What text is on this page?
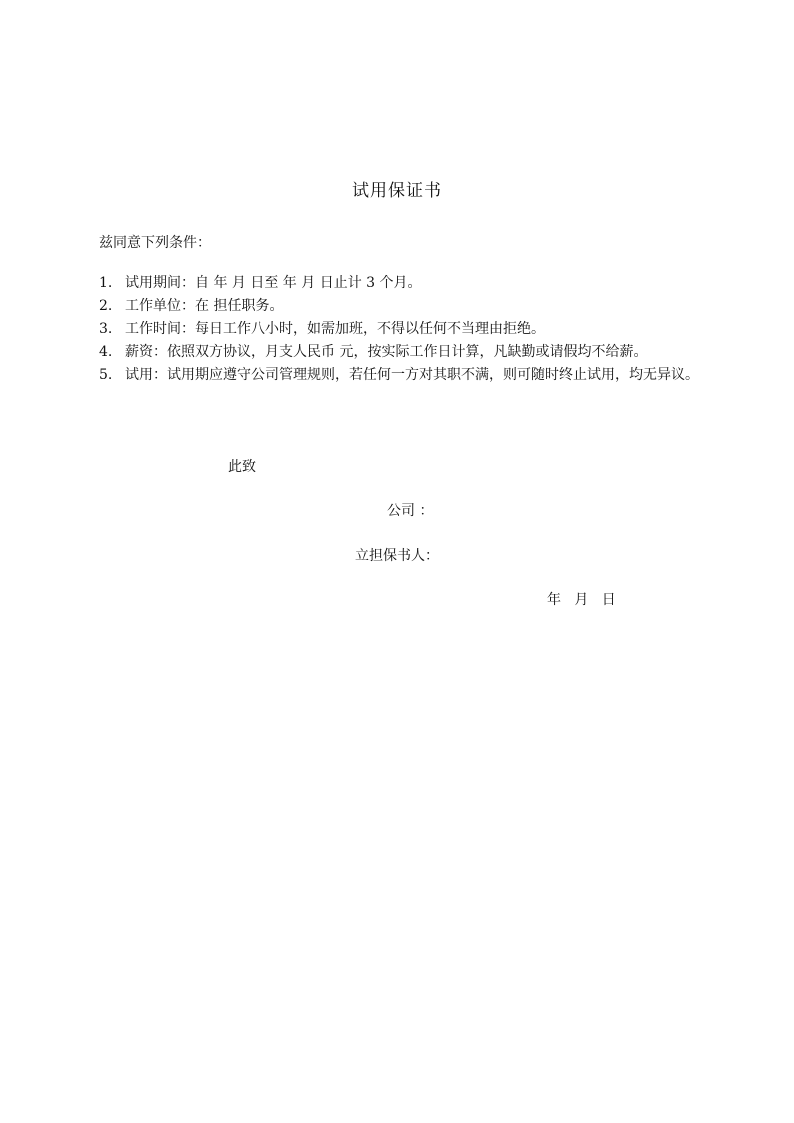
试用保证书
兹同意下列条件：
1. 试用期间：自 年 月 日至 年 月 日止计 3 个月。
2. 工作单位：在 担任职务。
3. 工作时间：每日工作八小时，如需加班，不得以任何不当理由拒绝。
4. 薪资：依照双方协议，月支人民币 元，按实际工作日计算，凡缺勤或请假均不给薪。
5. 试用：试用期应遵守公司管理规则，若任何一方对其职不满，则可随时终止试用，均无异议。
此致
公司 ：
立担保书人：
年   月   日
